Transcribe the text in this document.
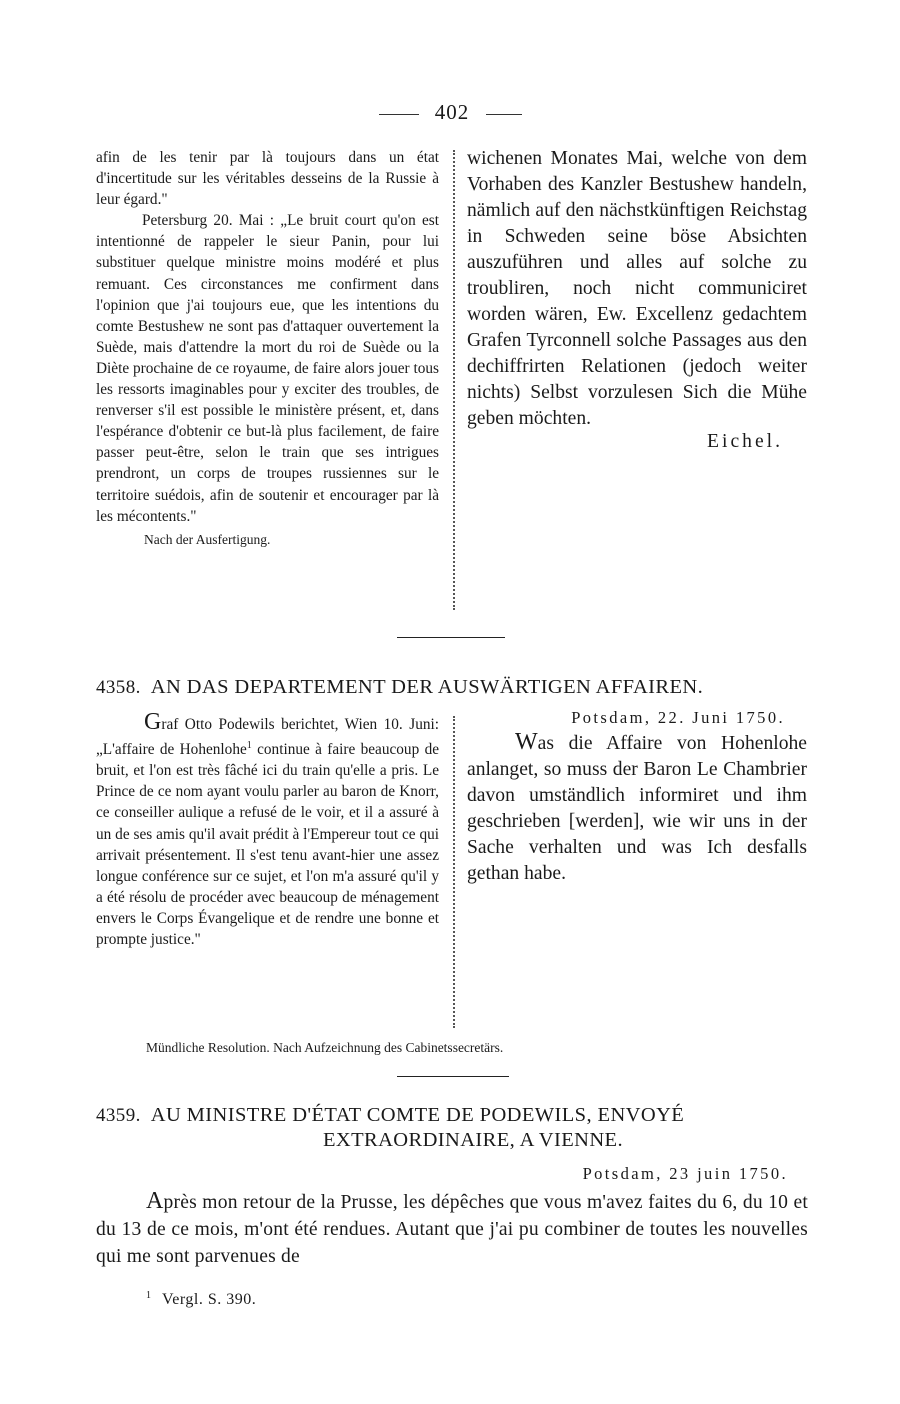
402

afin de les tenir par là toujours dans un état d'incertitude sur les véritables desseins de la Russie à leur égard."

Petersburg 20. Mai : „Le bruit court qu'on est intentionné de rappeler le sieur Panin, pour lui substituer quelque ministre moins modéré et plus remuant. Ces circonstances me confirment dans l'opinion que j'ai toujours eue, que les intentions du comte Bestushew ne sont pas d'attaquer ouvertement la Suède, mais d'attendre la mort du roi de Suède ou la Diète prochaine de ce royaume, de faire alors jouer tous les ressorts imaginables pour y exciter des troubles, de renverser s'il est possible le ministère présent, et, dans l'espérance d'obtenir ce but-là plus facilement, de faire passer peut-être, selon le train que ses intrigues prendront, un corps de troupes russiennes sur le territoire suédois, afin de soutenir et encourager par là les mécontents."

Nach der Ausfertigung.

wichenen Monates Mai, welche von dem Vorhaben des Kanzler Bestushew handeln, nämlich auf den nächstkünftigen Reichstag in Schweden seine böse Absichten auszuführen und alles auf solche zu troubliren, noch nicht communiciret worden wären, Ew. Excellenz gedachtem Grafen Tyrconnell solche Passages aus den dechiffrirten Relationen (jedoch weiter nichts) Selbst vorzulesen Sich die Mühe geben möchten.

Eichel.
4358. AN DAS DEPARTEMENT DER AUSWÄRTIGEN AFFAIREN.

Graf Otto Podewils berichtet, Wien 10. Juni: „L'affaire de Hohenlohe$^1$ continue à faire beaucoup de bruit, et l'on est très fâché ici du train qu'elle a pris. Le Prince de ce nom ayant voulu parler au baron de Knorr, ce conseiller aulique a refusé de le voir, et il a assuré à un de ses amis qu'il avait prédit à l'Empereur tout ce qui arrivait présentement. Il s'est tenu avant-hier une assez longue conférence sur ce sujet, et l'on m'a assuré qu'il y a été résolu de procéder avec beaucoup de ménagement envers le Corps Évangelique et de rendre une bonne et prompte justice."

Potsdam, 22. Juni 1750.

Was die Affaire von Hohenlohe anlanget, so muss der Baron Le Chambrier davon umständlich informiret und ihm geschrieben [werden], wie wir uns in der Sache verhalten und was Ich desfalls gethan habe.

Mündliche Resolution. Nach Aufzeichnung des Cabinetssecretärs.
4359. AU MINISTRE D'ÉTAT COMTE DE PODEWILS, ENVOYÉ
EXTRAORDINAIRE, A VIENNE.
Potsdam, 23 juin 1750.

Après mon retour de la Prusse, les dépêches que vous m'avez faites du 6, du 10 et du 13 de ce mois, m'ont été rendues. Autant que j'ai pu combiner de toutes les nouvelles qui me sont parvenues de

$^1$ Vergl. S. 390.
